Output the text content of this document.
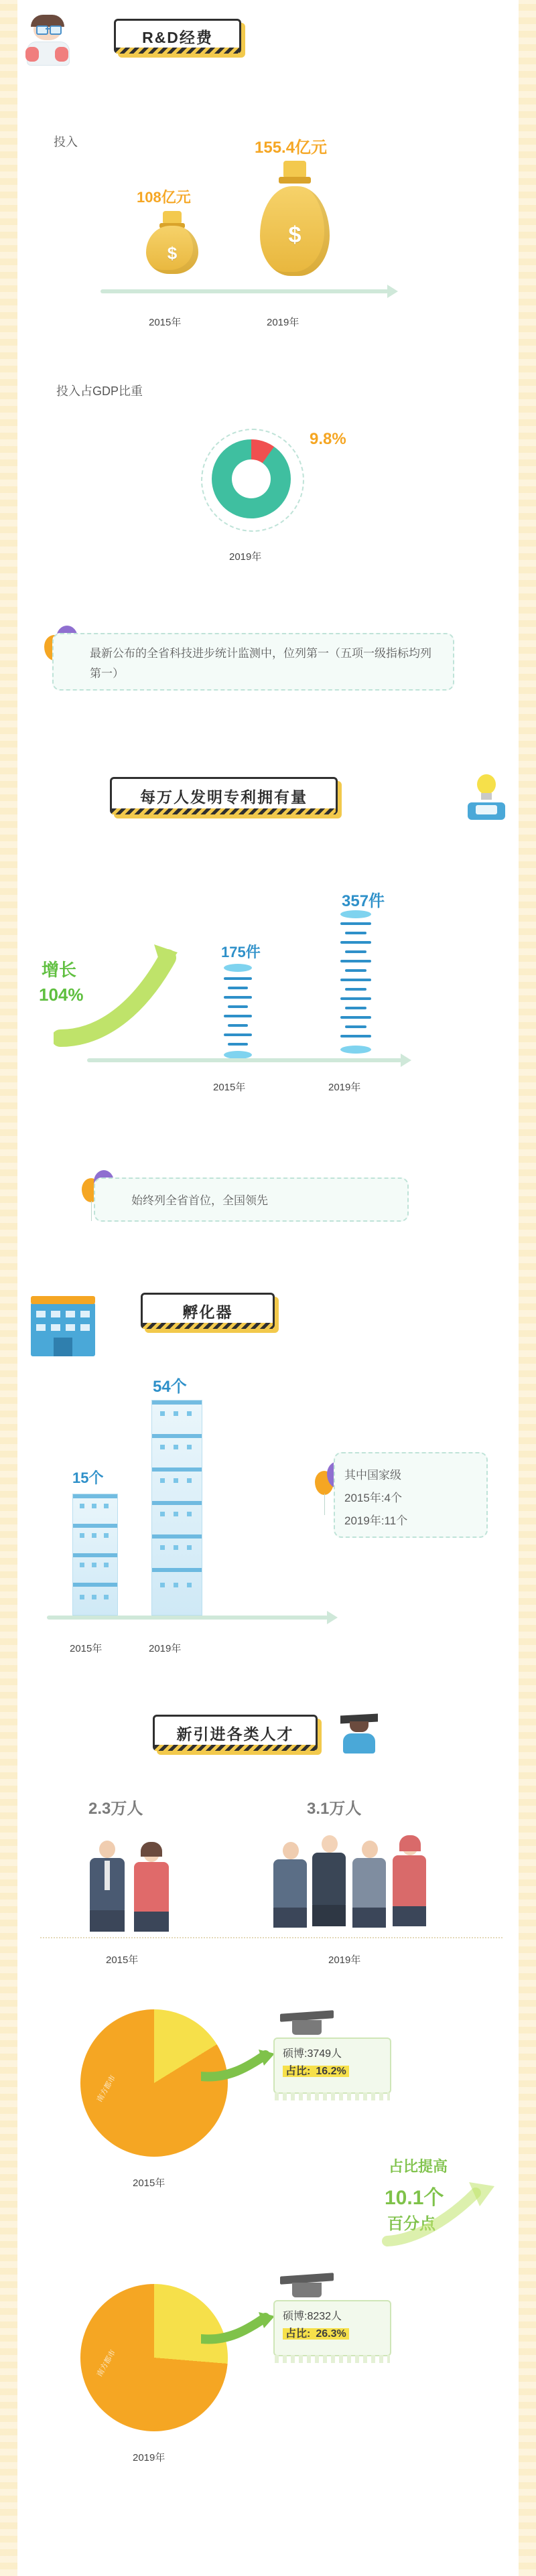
R&D经费
投入
108亿元
155.4亿元
$
$
2015年	2019年
投入占GDP比重
9.8%
2019年
最新公布的全省科技进步统计监测中，位列第一（五项一级指标均列第一）
每万人发明专利拥有量
175件
357件
2015年	2019年
增长
104%
始终列全省首位，全国领先
孵化器
15个
54个
2015年	2019年
其中国家级
2015年:4个
2019年:11个
新引进各类人才
2.3万人	3.1万人
2015年	2019年
南方都市
2015年
硕博:3749人
占比: 16.2%
占比提高
10.1个
百分点
南方都市
2019年
硕博:8232人
占比: 26.3%
